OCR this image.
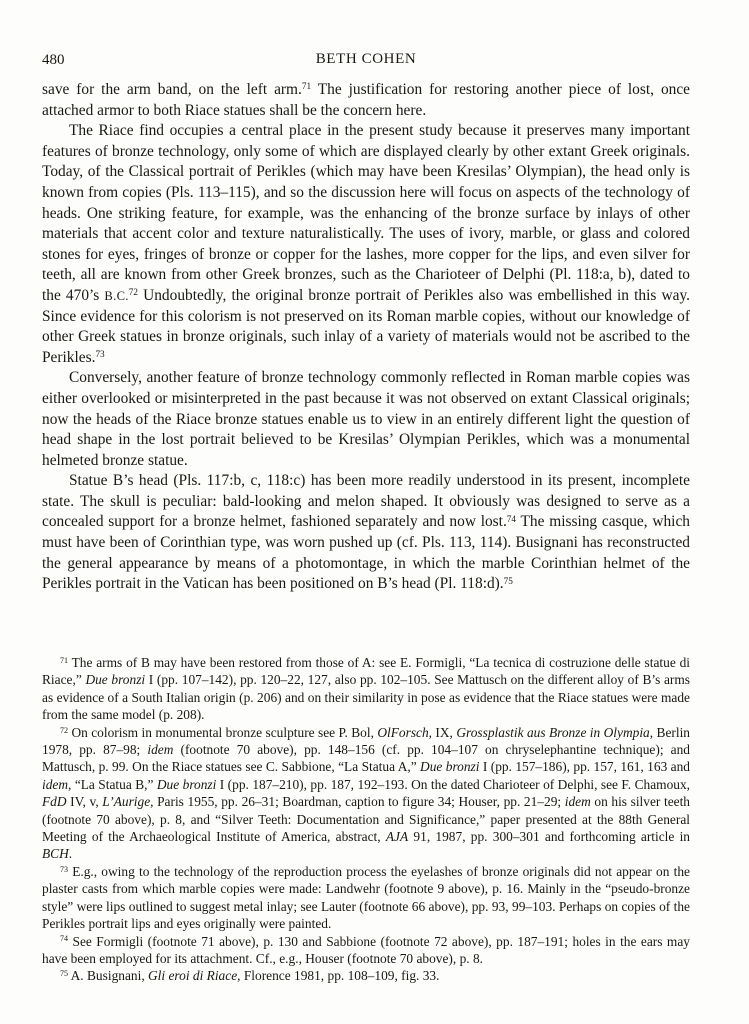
480	BETH COHEN

save for the arm band, on the left arm.$^{71}$ The justification for restoring another piece of lost, once attached armor to both Riace statues shall be the concern here.

The Riace find occupies a central place in the present study because it preserves many important features of bronze technology, only some of which are displayed clearly by other extant Greek originals. Today, of the Classical portrait of Perikles (which may have been Kresilas’ Olympian), the head only is known from copies (Pls. 113–115), and so the discussion here will focus on aspects of the technology of heads. One striking feature, for example, was the enhancing of the bronze surface by inlays of other materials that accent color and texture naturalistically. The uses of ivory, marble, or glass and colored stones for eyes, fringes of bronze or copper for the lashes, more copper for the lips, and even silver for teeth, all are known from other Greek bronzes, such as the Charioteer of Delphi (Pl. 118:a, b), dated to the 470’s B.C.$^{72}$ Undoubtedly, the original bronze portrait of Perikles also was embellished in this way. Since evidence for this colorism is not preserved on its Roman marble copies, without our knowledge of other Greek statues in bronze originals, such inlay of a variety of materials would not be ascribed to the Perikles.$^{73}$

Conversely, another feature of bronze technology commonly reflected in Roman marble copies was either overlooked or misinterpreted in the past because it was not observed on extant Classical originals; now the heads of the Riace bronze statues enable us to view in an entirely different light the question of head shape in the lost portrait believed to be Kresilas’ Olympian Perikles, which was a monumental helmeted bronze statue.

Statue B’s head (Pls. 117:b, c, 118:c) has been more readily understood in its present, incomplete state. The skull is peculiar: bald-looking and melon shaped. It obviously was designed to serve as a concealed support for a bronze helmet, fashioned separately and now lost.$^{74}$ The missing casque, which must have been of Corinthian type, was worn pushed up (cf. Pls. 113, 114). Busignani has reconstructed the general appearance by means of a photomontage, in which the marble Corinthian helmet of the Perikles portrait in the Vatican has been positioned on B’s head (Pl. 118:d).$^{75}$

$^{71}$ The arms of B may have been restored from those of A: see E. Formigli, “La tecnica di costruzione delle statue di Riace,” Due bronzi I (pp. 107–142), pp. 120–22, 127, also pp. 102–105. See Mattusch on the different alloy of B’s arms as evidence of a South Italian origin (p. 206) and on their similarity in pose as evidence that the Riace statues were made from the same model (p. 208).

$^{72}$ On colorism in monumental bronze sculpture see P. Bol, OlForsch, IX, Grossplastik aus Bronze in Olympia, Berlin 1978, pp. 87–98; idem (footnote 70 above), pp. 148–156 (cf. pp. 104–107 on chryselephantine technique); and Mattusch, p. 99. On the Riace statues see C. Sabbione, “La Statua A,” Due bronzi I (pp. 157–186), pp. 157, 161, 163 and idem, “La Statua B,” Due bronzi I (pp. 187–210), pp. 187, 192–193. On the dated Charioteer of Delphi, see F. Chamoux, FdD IV, v, L’Aurige, Paris 1955, pp. 26–31; Boardman, caption to figure 34; Houser, pp. 21–29; idem on his silver teeth (footnote 70 above), p. 8, and “Silver Teeth: Documentation and Significance,” paper presented at the 88th General Meeting of the Archaeological Institute of America, abstract, AJA 91, 1987, pp. 300–301 and forthcoming article in BCH.

$^{73}$ E.g., owing to the technology of the reproduction process the eyelashes of bronze originals did not appear on the plaster casts from which marble copies were made: Landwehr (footnote 9 above), p. 16. Mainly in the “pseudo-bronze style” were lips outlined to suggest metal inlay; see Lauter (footnote 66 above), pp. 93, 99–103. Perhaps on copies of the Perikles portrait lips and eyes originally were painted.

$^{74}$ See Formigli (footnote 71 above), p. 130 and Sabbione (footnote 72 above), pp. 187–191; holes in the ears may have been employed for its attachment. Cf., e.g., Houser (footnote 70 above), p. 8.

$^{75}$ A. Busignani, Gli eroi di Riace, Florence 1981, pp. 108–109, fig. 33.
